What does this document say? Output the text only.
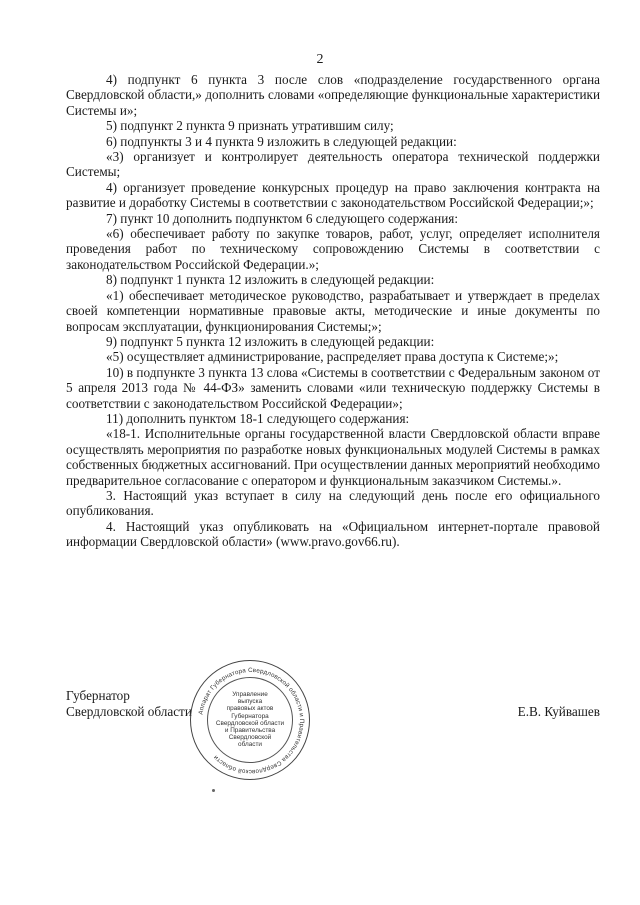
2

4) подпункт 6 пункта 3 после слов «подразделение государственного органа Свердловской области,» дополнить словами «определяющие функциональные характеристики Системы и»;

5) подпункт 2 пункта 9 признать утратившим силу;

6) подпункты 3 и 4 пункта 9 изложить в следующей редакции:

«3) организует и контролирует деятельность оператора технической поддержки Системы;

4) организует проведение конкурсных процедур на право заключения контракта на развитие и доработку Системы в соответствии с законодательством Российской Федерации;»;

7) пункт 10 дополнить подпунктом 6 следующего содержания:

«6) обеспечивает работу по закупке товаров, работ, услуг, определяет исполнителя проведения работ по техническому сопровождению Системы в соответствии с законодательством Российской Федерации.»;

8) подпункт 1 пункта 12 изложить в следующей редакции:

«1) обеспечивает методическое руководство, разрабатывает и утверждает в пределах своей компетенции нормативные правовые акты, методические и иные документы по вопросам эксплуатации, функционирования Системы;»;

9) подпункт 5 пункта 12 изложить в следующей редакции:

«5) осуществляет администрирование, распределяет права доступа к Системе;»;

10) в подпункте 3 пункта 13 слова «Системы в соответствии с Федеральным законом от 5 апреля 2013 года № 44-ФЗ» заменить словами «или техническую поддержку Системы в соответствии с законодательством Российской Федерации»;

11) дополнить пунктом 18-1 следующего содержания:

«18-1. Исполнительные органы государственной власти Свердловской области вправе осуществлять мероприятия по разработке новых функциональных модулей Системы в рамках собственных бюджетных ассигнований. При осуществлении данных мероприятий необходимо предварительное согласование с оператором и функциональным заказчиком Системы.».

3. Настоящий указ вступает в силу на следующий день после его официального опубликования.

4. Настоящий указ опубликовать на «Официальном интернет-портале правовой информации Свердловской области» (www.pravo.gov66.ru).

Губернатор
Свердловской области	Е.В. Куйвашев
Аппарат Губернатора Свердловской области и Правительства Свердловской области
Управление
выпуска
правовых актов
Губернатора
Свердловской области
и Правительства
Свердловской
области
